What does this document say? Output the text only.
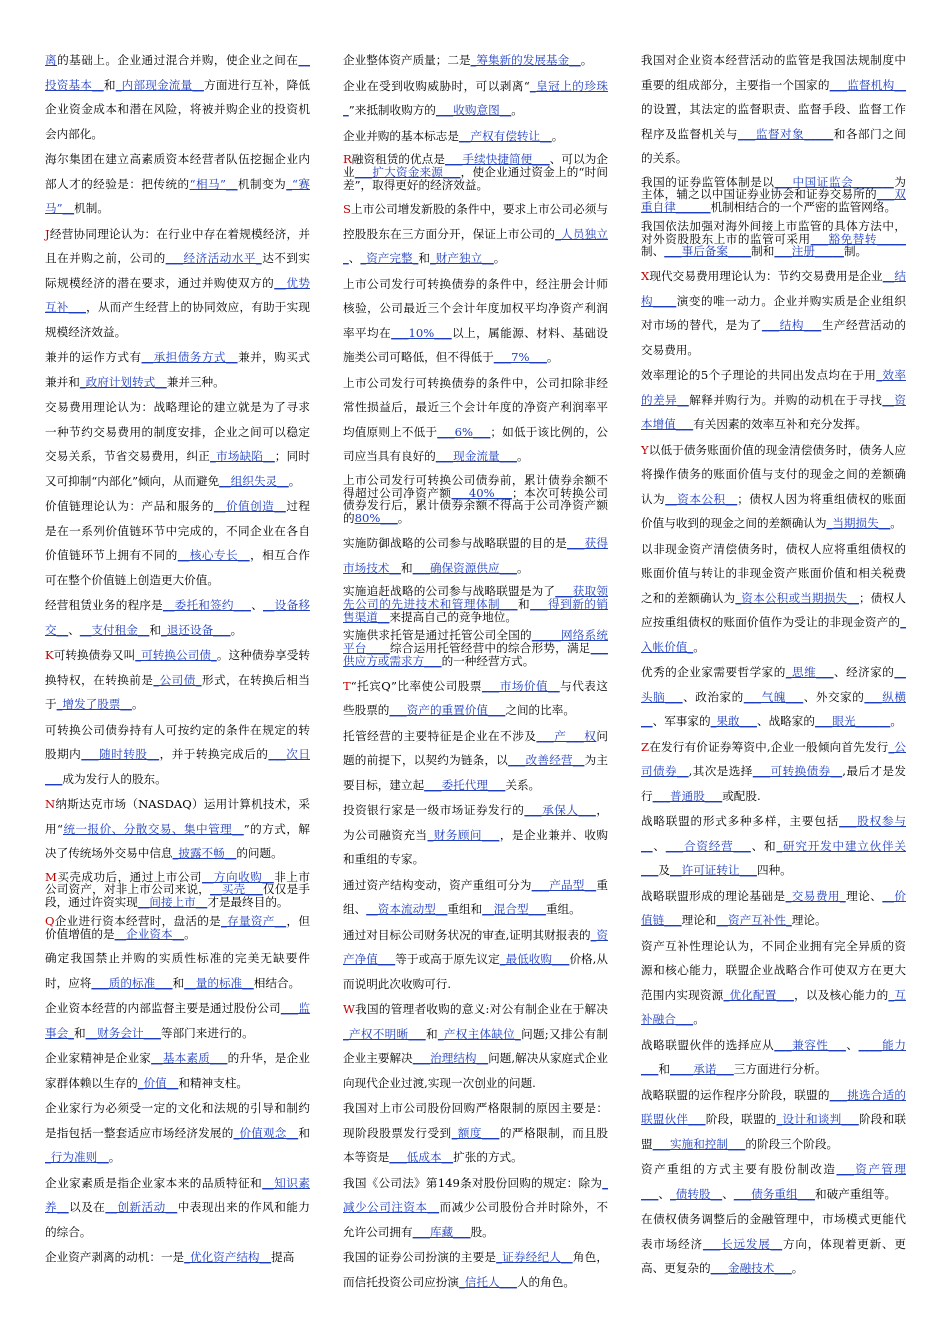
离的基础上。企业通过混合并购，使企业之间在__投资基本__和_内部现金流量__方面进行互补，降低企业资金成本和潜在风险，将被并购企业的投资机会内部化。

海尔集团在建立高素质资本经营者队伍挖掘企业内部人才的经验是：把传统的“相马”__机制变为_“赛马”__机制。

J经营协同理论认为：在行业中存在着规模经济，并且在并购之前，公司的___经济活动水平_达不到实际规模经济的潜在要求，通过并购使双方的__优势互补___，从而产生经营上的协同效应，有助于实现规模经济效益。

兼并的运作方式有__承担债务方式__兼并，购买式兼并和_政府计划转式__兼并三种。

交易费用理论认为：战略理论的建立就是为了寻求一种节约交易费用的制度安排，企业之间可以稳定交易关系，节省交易费用，纠正_市场缺陷__；同时又可抑制“内部化”倾向，从而避免__组织失灵__。

价值链理论认为：产品和服务的__价值创造__过程是在一系列价值链环节中完成的，不同企业在各自价值链环节上拥有不同的__核心专长__，相互合作可在整个价值链上创造更大价值。

经营租赁业务的程序是__委托和签约___、__设备移交__、__支付租金__和_退还设备___。

K可转换债券又叫_可转换公司债_。这种债券享受转换特权，在转换前是_公司债_形式，在转换后相当于_增发了股票__。

可转换公司债券持有人可按约定的条件在规定的转股期内___随时转股__，并于转换完成后的___次日___成为发行人的股东。

N纳斯达克市场（NASDAQ）运用计算机技术，采用“统一报价、分散交易、集中管理__”的方式，解决了传统场外交易中信息_披露不畅__的问题。

M买壳成功后，通过上市公司__方向收购__非上市公司资产，对非上市公司来说，__买壳___仅仅是手段，通过许资实现__间接上市__才是最终目的。

Q企业进行资本经营时，盘活的是_存量资产__，但价值增值的是__企业资本__。

确定我国禁止并购的实质性标准的完美无缺要件时，应将___质的标准___和__量的标准__相结合。

企业资本经营的内部监督主要是通过股份公司___监事会_和__财务会计___等部门来进行的。

企业家精神是企业家__基本素质___的升华，是企业家群体赖以生存的_价值__和精神支柱。

企业家行为必须受一定的文化和法规的引导和制约是指包括一整套适应市场经济发展的_价值观念__和_行为准则__。

企业家素质是指企业家本来的品质特征和__知识素养__以及在__创新活动__中表现出来的作风和能力的综合。

企业资产剥离的动机：一是_优化资产结构__提高

企业整体资产质量；二是_筹集新的发展基金__。

企业在受到收购威胁时，可以剥离“_皇冠上的珍珠_”来抵制收购方的___收购意图__。

企业并购的基本标志是__产权有偿转让__。

R融资租赁的优点是___手续快捷简便___、可以为企业___扩大资金来源___，使企业通过资金上的“时间差”，取得更好的经济效益。

S上市公司增发新股的条件中，要求上市公司必须与控股股东在三方面分开，保证上市公司的_人员独立_、_资产完整_和_财产独立__。

上市公司发行可转换债券的条件中，经注册会计师核验，公司最近三个会计年度加权平均净资产利润率平均在___10%___以上，属能源、材料、基础设施类公司可略低，但不得低于___7%___。

上市公司发行可转换债券的条件中，公司扣除非经常性损益后，最近三个会计年度的净资产利润率平均值原则上不低于___6%___；如低于该比例的，公司应当具有良好的___现金流量___。

上市公司发行可转换公司债券前，累计债券余额不得超过公司净资产额___40%___；本次可转换公司债券发行后，累计债券余额不得高于公司净资产额的80%___。

实施防御战略的公司参与战略联盟的目的是___获得市场技术__和___确保资源供应___。

实施追赶战略的公司参与战略联盟是为了___获取领先公司的先进技术和管理体制___和___得到新的销售渠道__来提高自己的竞争地位。

实施供求托管是通过托管公司全国的_____网络系统平台____综合运用托管经营中的综合形势，满足___供应方或需求方___的一种经营方式。

T“托宾Q”比率使公司股票___市场价值__与代表这些股票的___资产的重置价值___之间的比率。

托管经营的主要特征是企业在不涉及___产___权问题的前提下，以契约为链条，以___改善经营__为主要目标，建立起___委托代理___关系。

投资银行家是一级市场证券发行的___承保人___，为公司融资充当_财务顾问___，是企业兼并、收购和重组的专家。

通过资产结构变动，资产重组可分为___产品型__重组、__资本流动型__重组和__混合型___重组。

通过对目标公司财务状况的审查,证明其财报表的_资产净值___等于或高于原先议定_最低收购___价格,从而说明此次收购可行.

W我国的管理者收购的意义:对公有制企业在于解决_产权不明晰___和_产权主体缺位_问题;又排公有制企业主要解决___治理结构__问题,解决从家庭式企业向现代企业过渡,实现一次创业的问题.

我国对上市公司股份回购严格限制的原因主要是：现阶段股票发行受到_额度___的严格限制，而且股本等资是___低成本__扩张的方式。

我国《公司法》第149条对股份回购的规定：除为_减少公司注资本__而减少公司股份合并时除外，不允许公司拥有___库藏___股。

我国的证券公司扮演的主要是_证券经纪人__角色，而信托投资公司应扮演_信托人___人的角色。

我国对企业资本经营活动的监管是我国法规制度中重要的组成部分，主要指一个国家的___监督机构__的设置，其法定的监督职责、监督手段、监督工作程序及监督机关与___监督对象_____和各部门之间的关系。

我国的证券监管体制是以___中国证监会_______为主体，辅之以中国证券业协会和证券交易所的___双重自律______机制相结合的一个严密的监管网络。

我国依法加强对海外间接上市监管的具体方法中，对外资股股东上市的监管可采用___豁免替转_____制、___事后备案____制和___注册_____制。

X现代交易费用理论认为：节约交易费用是企业__结构____演变的唯一动力。企业并购实质是企业组织对市场的替代，是为了___结构___生产经营活动的交易费用。

效率理论的5个子理论的共同出发点均在于用_效率的差异__解释并购行为。并购的动机在于寻找__资本增值___有关因素的效率互补和充分发挥。

Y以低于债务账面价值的现金清偿债务时，债务人应将操作债务的账面价值与支付的现金之间的差额确认为__资本公积__；债权人因为将重组债权的账面价值与收到的现金之间的差额确认为_当期损失__。

以非现金资产清偿债务时，债权人应将重组债权的账面价值与转让的非现金资产账面价值和相关税费之和的差额确认为_资本公积或当期损失__；债权人应按重组债权的账面价值作为受让的非现金资产的_入帐价值_。

优秀的企业家需要哲学家的_思维___、经济家的__头脑___、政治家的___气魄___、外交家的___纵横__、军事家的_果敢___、战略家的___眼光______。

Z在发行有价证券筹资中,企业一般倾向首先发行_公司债券__,其次是选择___可转换债券__,最后才是发行___普通股___或配股.

战略联盟的形式多种多样，主要包括___股权参与__、___合资经营___、和_研究开发中建立伙伴关___及__许可证转让___四种。

战略联盟形成的理论基础是_交易费用_理论、__价值链___理论和__资产互补性_理论。

资产互补性理论认为，不同企业拥有完全异质的资源和核心能力，联盟企业战略合作可使双方在更大范围内实现资源_优化配置___，以及核心能力的_互补融合___。

战略联盟伙伴的选择应从___兼容性___、____能力___和____承诺___三方面进行分析。

战略联盟的运作程序分阶段，联盟的___挑选合适的联盟伙伴___阶段，联盟的_设计和谈判___阶段和联盟___实施和控制___的阶段三个阶段。

资产重组的方式主要有股份制改造___资产管理___、_债转股__、___债务重组___和破产重组等。

在债权债务调整后的金融管理中，市场模式更能代表市场经济___长远发展__方向，体现着更新、更高、更复杂的___金融技术___。
